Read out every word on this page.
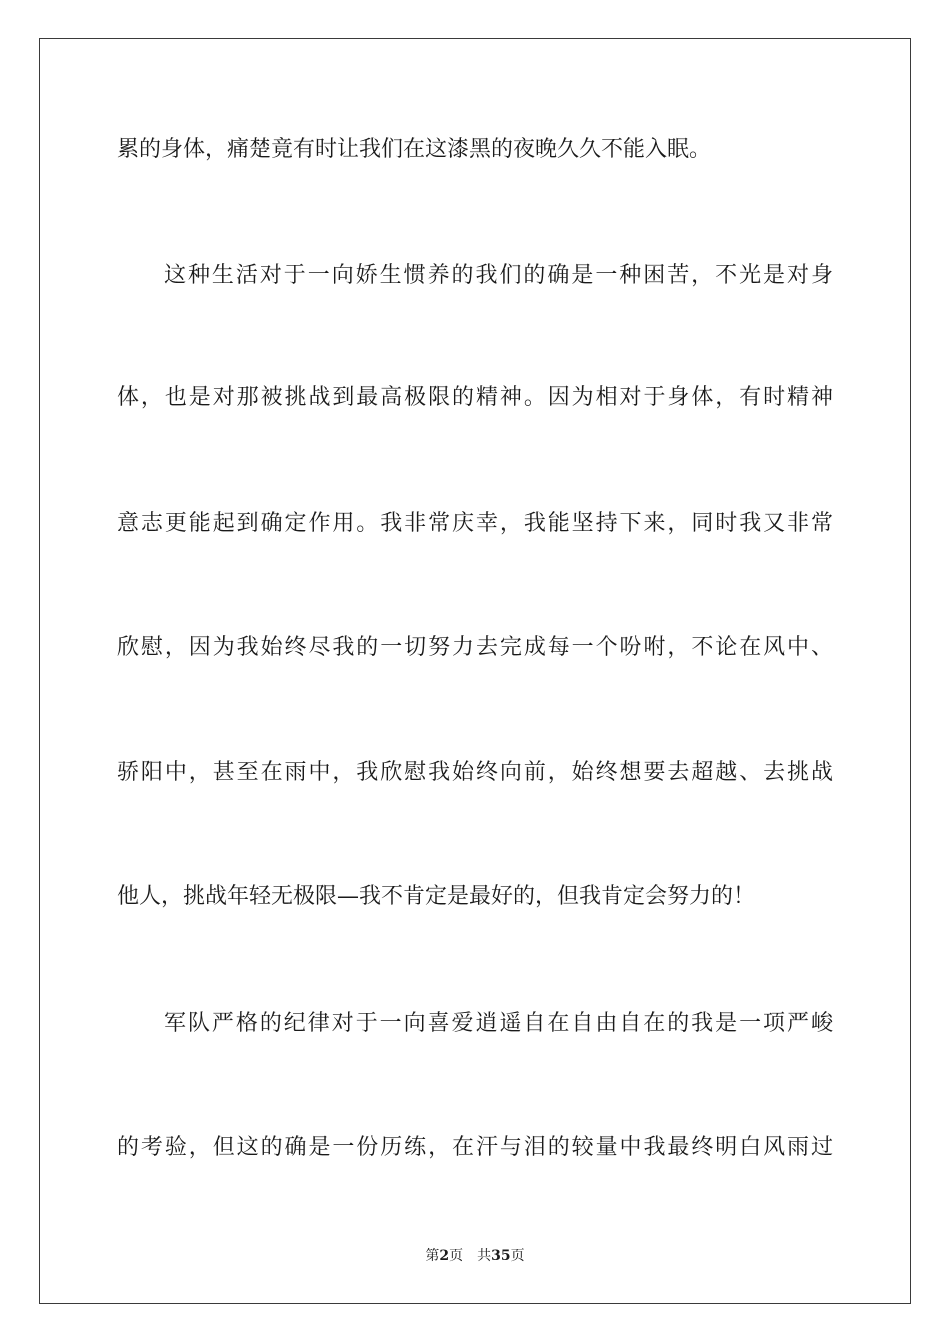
累的身体，痛楚竟有时让我们在这漆黑的夜晚久久不能入眠。
这种生活对于一向娇生惯养的我们的确是一种困苦，不光是对身
体，也是对那被挑战到最高极限的精神。因为相对于身体，有时精神
意志更能起到确定作用。我非常庆幸，我能坚持下来，同时我又非常
欣慰，因为我始终尽我的一切努力去完成每一个吩咐，不论在风中、
骄阳中，甚至在雨中，我欣慰我始终向前，始终想要去超越、去挑战
他人，挑战年轻无极限—我不肯定是最好的，但我肯定会努力的！
军队严格的纪律对于一向喜爱逍遥自在自由自在的我是一项严峻
的考验，但这的确是一份历练，在汗与泪的较量中我最终明白风雨过
第2页 共35页
